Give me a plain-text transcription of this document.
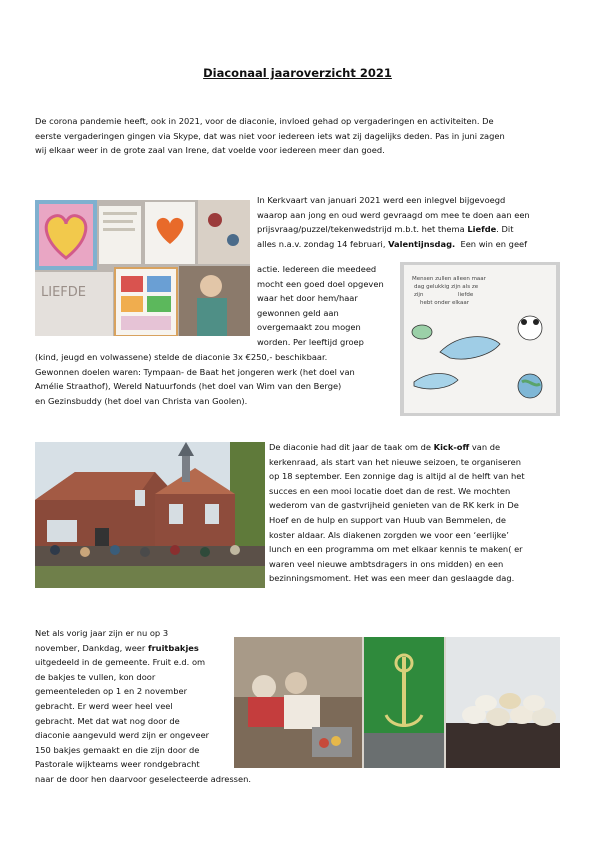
Diaconaal jaaroverzicht 2021
De corona pandemie heeft, ook in 2021, voor de diaconie, invloed gehad op vergaderingen en activiteiten. De
eerste vergaderingen gingen via Skype, dat was niet voor iedereen iets wat zij dagelijks deden. Pas in juni zagen
wij elkaar weer in de grote zaal van Irene, dat voelde voor iedereen meer dan goed.
LIEFDE
In Kerkvaart van januari 2021 werd een inlegvel bijgevoegd
waarop aan jong en oud werd gevraagd om mee te doen aan een
prijsvraag/puzzel/tekenwedstrijd m.b.t. het thema Liefde. Dit
alles n.a.v. zondag 14 februari, Valentijnsdag.  Een win en geef
actie. Iedereen die meedeed
mocht een goed doel opgeven
waar het door hem/haar
gewonnen geld aan
overgemaakt zou mogen
worden. Per leeftijd groep
(kind, jeugd en volwassene) stelde de diaconie 3x €250,- beschikbaar.
Gewonnen doelen waren: Tympaan- de Baat het jongeren werk (het doel van
Amélie Straathof), Wereld Natuurfonds (het doel van Wim van den Berge)
en Gezinsbuddy (het doel van Christa van Goolen).
Mensen zullen alleen maar
dag gelukkig zijn als ze
zijn	liefde
hebt onder elkaar
De diaconie had dit jaar de taak om de Kick-off van de
kerkenraad, als start van het nieuwe seizoen, te organiseren
op 18 september. Een zonnige dag is altijd al de helft van het
succes en een mooi locatie doet dan de rest. We mochten
wederom van de gastvrijheid genieten van de RK kerk in De
Hoef en de hulp en support van Huub van Bemmelen, de
koster aldaar. Als diakenen zorgden we voor een ‘eerlijke’
lunch en een programma om met elkaar kennis te maken( er
waren veel nieuwe ambtsdragers in ons midden) en een
bezinningsmoment. Het was een meer dan geslaagde dag.
Net als vorig jaar zijn er nu op 3
november, Dankdag, weer fruitbakjes
uitgedeeld in de gemeente. Fruit e.d. om
de bakjes te vullen, kon door
gemeenteleden op 1 en 2 november
gebracht. Er werd weer heel veel
gebracht. Met dat wat nog door de
diaconie aangevuld werd zijn er ongeveer
150 bakjes gemaakt en die zijn door de
Pastorale wijkteams weer rondgebracht
naar de door hen daarvoor geselecteerde adressen.
